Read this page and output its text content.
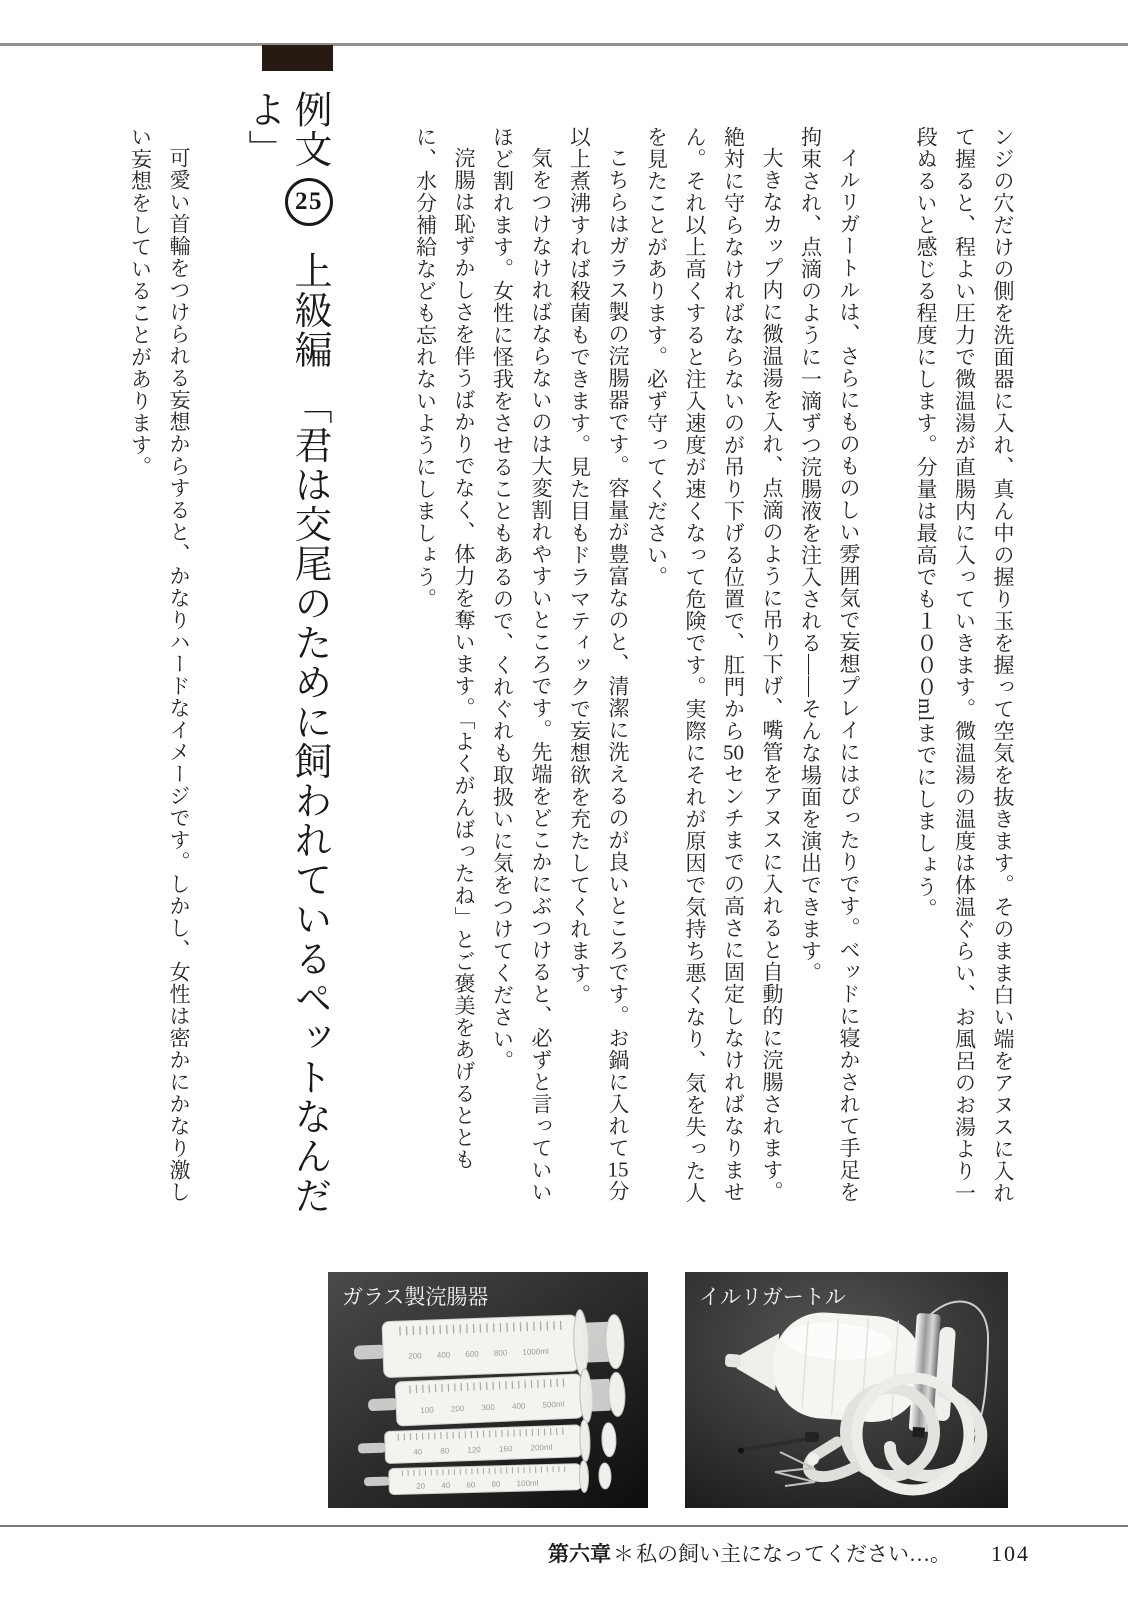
例文25上級編「君は交尾のために飼われているペットなんだよ」	ンジの穴だけの側を洗面器に入れ、真ん中の握り玉を握って空気を抜きます。そのまま白い端をアヌスに入れて握ると、程よい圧力で微温湯が直腸内に入っていきます。微温湯の温度は体温ぐらい、お風呂のお湯より一段ぬるいと感じる程度にします。分量は最高でも１０００mlまでにしましょう。

イルリガートルは、さらにものものしい雰囲気で妄想プレイにはぴったりです。ベッドに寝かされて手足を拘束され、点滴のように一滴ずつ浣腸液を注入される——そんな場面を演出できます。

大きなカップ内に微温湯を入れ、点滴のように吊り下げ、嘴管をアヌスに入れると自動的に浣腸されます。絶対に守らなければならないのが吊り下げる位置で、肛門から50センチまでの高さに固定しなければなりません。それ以上高くすると注入速度が速くなって危険です。実際にそれが原因で気持ち悪くなり、気を失った人を見たことがあります。必ず守ってください。

こちらはガラス製の浣腸器です。容量が豊富なのと、清潔に洗えるのが良いところです。お鍋に入れて15分以上煮沸すれば殺菌もできます。見た目もドラマティックで妄想欲を充たしてくれます。

気をつけなければならないのは大変割れやすいところです。先端をどこかにぶつけると、必ずと言っていいほど割れます。女性に怪我をさせることもあるので、くれぐれも取扱いに気をつけてください。

浣腸は恥ずかしさを伴うばかりでなく、体力を奪います。「よくがんばったね」とご褒美をあげるとともに、水分補給なども忘れないようにしましょう。

可愛い首輪をつけられる妄想からすると、かなりハードなイメージです。しかし、女性は密かにかなり激しい妄想をしていることがあります。

200 400 600 800 1000ml
100 200 300 400 500ml
40 80 120 160 200ml
20 40 60 80 100ml
ガラス製浣腸器	イルリガートル
第六章 ＊ 私の飼い主になってください…。 104
